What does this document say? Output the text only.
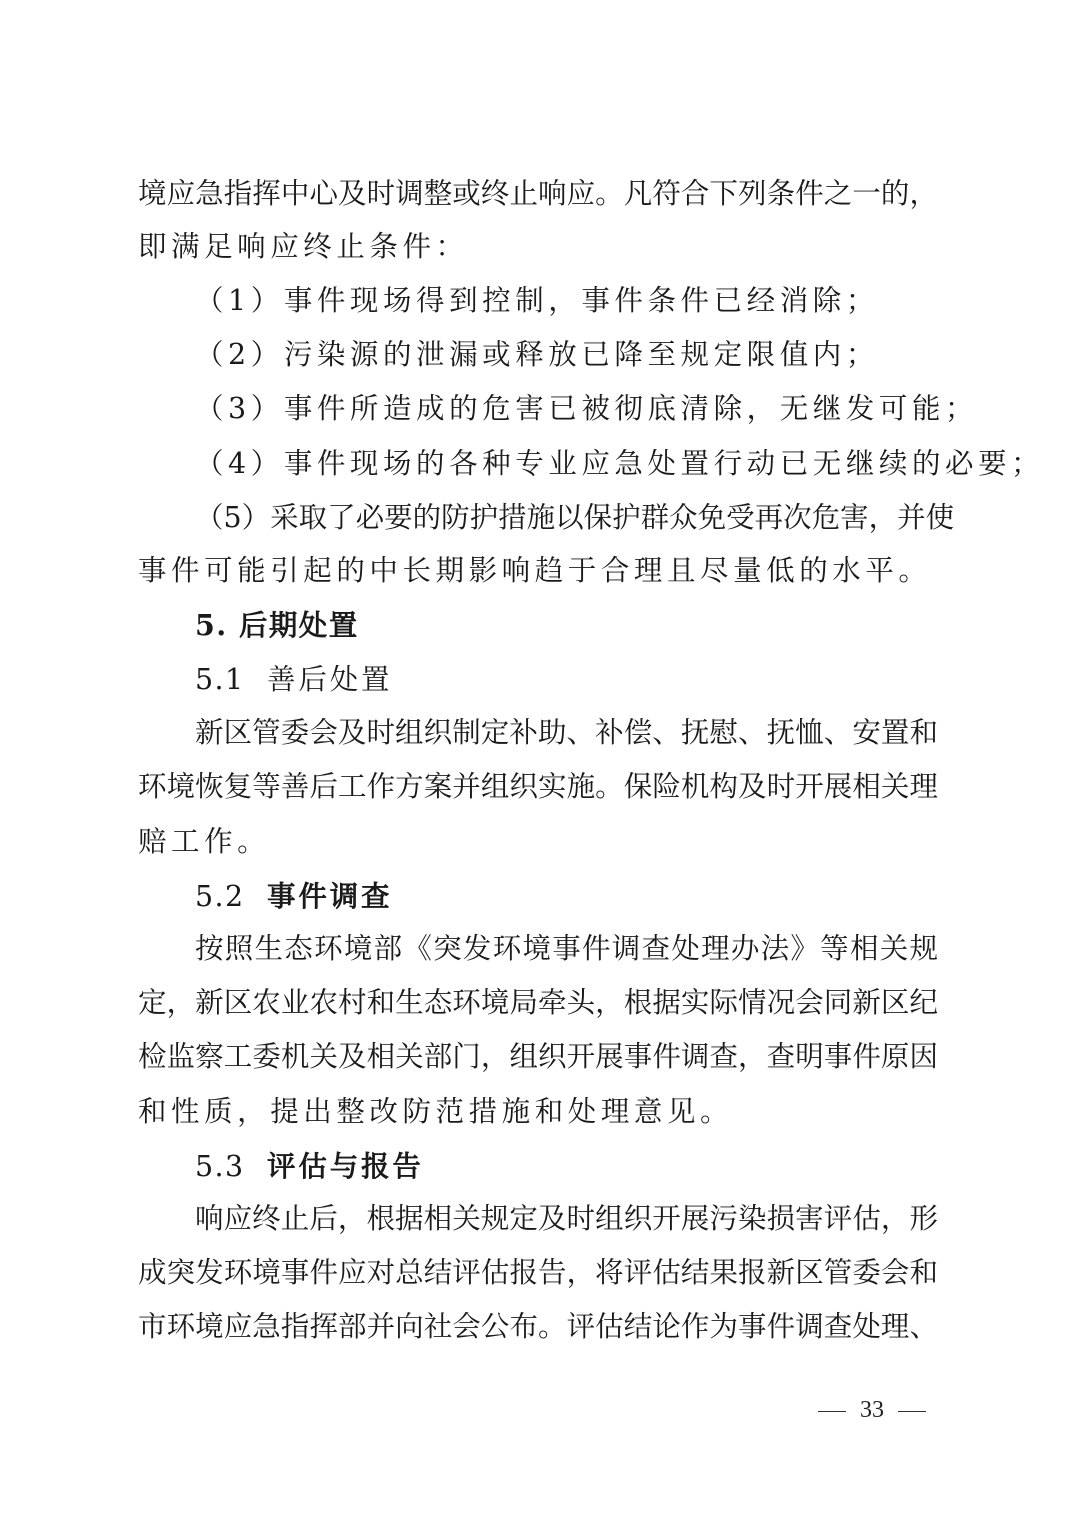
境应急指挥中心及时调整或终止响应。凡符合下列条件之一的，
即满足响应终止条件：
（1）事件现场得到控制，事件条件已经消除；
（2）污染源的泄漏或释放已降至规定限值内；
（3）事件所造成的危害已被彻底清除，无继发可能；
（4）事件现场的各种专业应急处置行动已无继续的必要；
（5）采取了必要的防护措施以保护群众免受再次危害，并使
事件可能引起的中长期影响趋于合理且尽量低的水平。
5. 后期处置
5.1 善后处置
新区管委会及时组织制定补助、补偿、抚慰、抚恤、安置和
环境恢复等善后工作方案并组织实施。保险机构及时开展相关理
赔工作。
5.2 事件调查
按照生态环境部《突发环境事件调查处理办法》等相关规
定，新区农业农村和生态环境局牵头，根据实际情况会同新区纪
检监察工委机关及相关部门，组织开展事件调查，查明事件原因
和性质，提出整改防范措施和处理意见。
5.3 评估与报告
响应终止后，根据相关规定及时组织开展污染损害评估，形
成突发环境事件应对总结评估报告，将评估结果报新区管委会和
市环境应急指挥部并向社会公布。评估结论作为事件调查处理、
33
